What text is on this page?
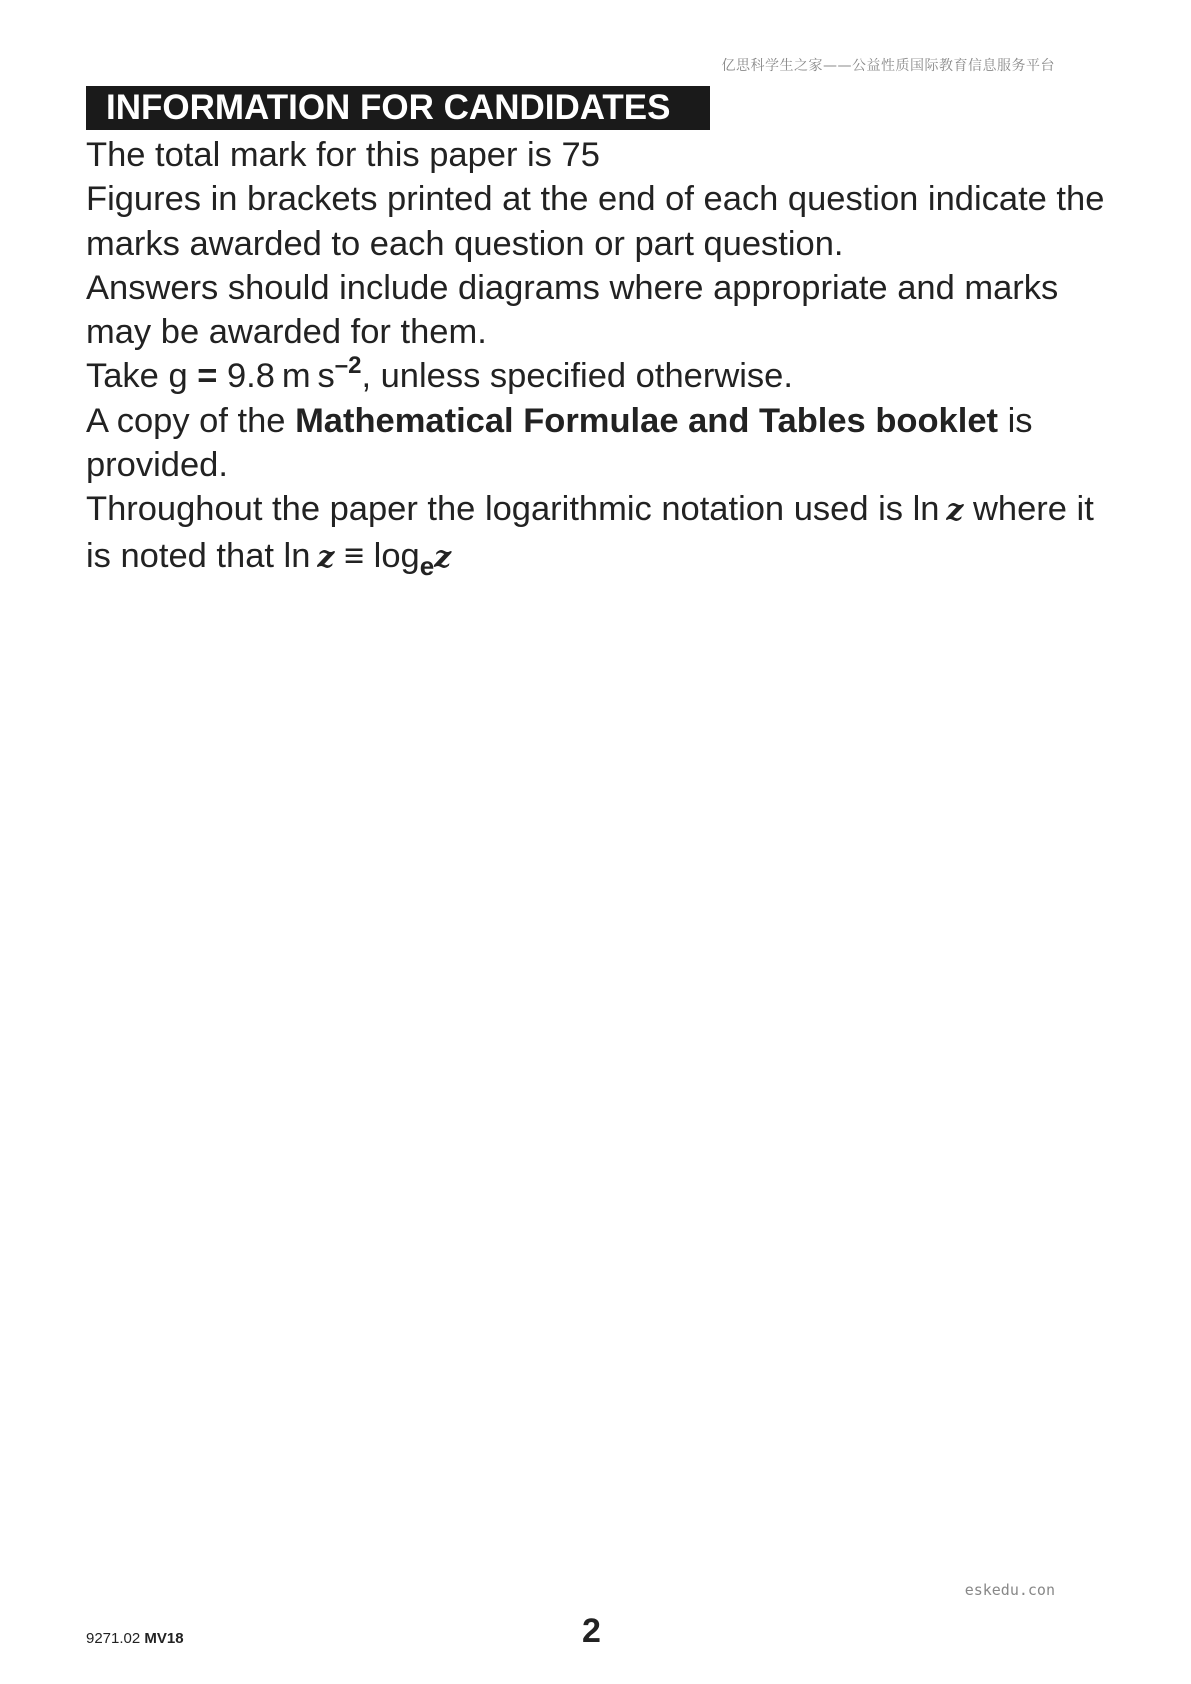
亿思科学生之家——公益性质国际教育信息服务平台
INFORMATION FOR CANDIDATES

The total mark for this paper is 75

Figures in brackets printed at the end of each question indicate the marks awarded to each question or part question.

Answers should include diagrams where appropriate and marks may be awarded for them.

Take g = 9.8 m $s^{-2}$, unless specified otherwise.

A copy of the Mathematical Formulae and Tables booklet is provided.

Throughout the paper the logarithmic notation used is ln z where it is noted that $\ln z \equiv \log_ez$

eskedu.con
9271.02 MV18	2
